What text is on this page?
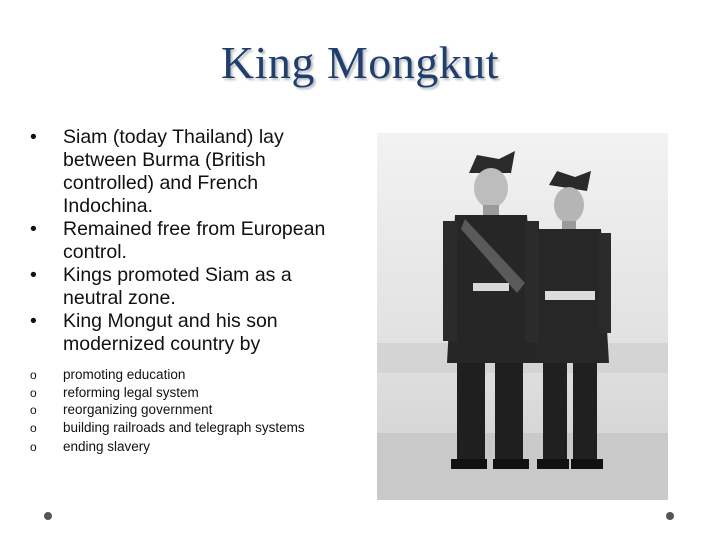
King Mongkut
• Siam (today Thailand) lay between Burma (British controlled) and French Indochina.
• Remained free from European control.
• Kings promoted Siam as a neutral zone.
• King Mongut and his son modernized country by
o promoting education
o reforming legal system
o reorganizing government
o building railroads and telegraph systems
o ending slavery
